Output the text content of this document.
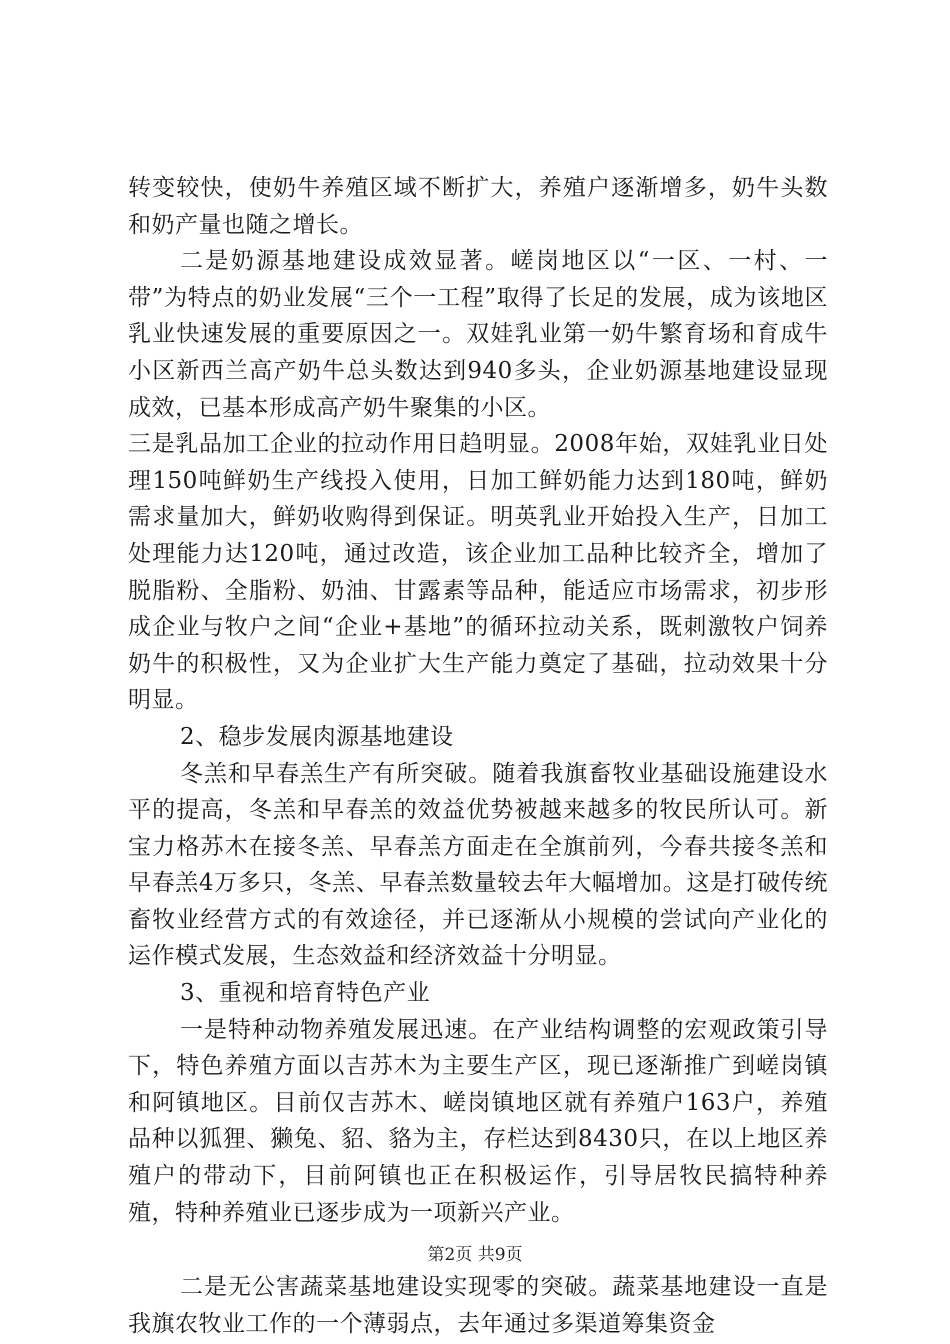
转变较快，使奶牛养殖区域不断扩大，养殖户逐渐增多，奶牛头数和奶产量也随之增长。

二是奶源基地建设成效显著。嵯岗地区以“一区、一村、一带”为特点的奶业发展“三个一工程”取得了长足的发展，成为该地区乳业快速发展的重要原因之一。双娃乳业第一奶牛繁育场和育成牛小区新西兰高产奶牛总头数达到940多头，企业奶源基地建设显现成效，已基本形成高产奶牛聚集的小区。

三是乳品加工企业的拉动作用日趋明显。2008年始，双娃乳业日处理150吨鲜奶生产线投入使用，日加工鲜奶能力达到180吨，鲜奶需求量加大，鲜奶收购得到保证。明英乳业开始投入生产，日加工处理能力达120吨，通过改造，该企业加工品种比较齐全，增加了脱脂粉、全脂粉、奶油、甘露素等品种，能适应市场需求，初步形成企业与牧户之间“企业+基地”的循环拉动关系，既刺激牧户饲养奶牛的积极性，又为企业扩大生产能力奠定了基础，拉动效果十分明显。

2、稳步发展肉源基地建设

冬羔和早春羔生产有所突破。随着我旗畜牧业基础设施建设水平的提高，冬羔和早春羔的效益优势被越来越多的牧民所认可。新宝力格苏木在接冬羔、早春羔方面走在全旗前列，今春共接冬羔和早春羔4万多只，冬羔、早春羔数量较去年大幅增加。这是打破传统畜牧业经营方式的有效途径，并已逐渐从小规模的尝试向产业化的运作模式发展，生态效益和经济效益十分明显。

3、重视和培育特色产业

一是特种动物养殖发展迅速。在产业结构调整的宏观政策引导下，特色养殖方面以吉苏木为主要生产区，现已逐渐推广到嵯岗镇和阿镇地区。目前仅吉苏木、嵯岗镇地区就有养殖户163户，养殖品种以狐狸、獭兔、貂、貉为主，存栏达到8430只，在以上地区养殖户的带动下，目前阿镇也正在积极运作，引导居牧民搞特种养殖，特种养殖业已逐步成为一项新兴产业。

二是无公害蔬菜基地建设实现零的突破。蔬菜基地建设一直是我旗农牧业工作的一个薄弱点，去年通过多渠道筹集资金

第2页 共9页
